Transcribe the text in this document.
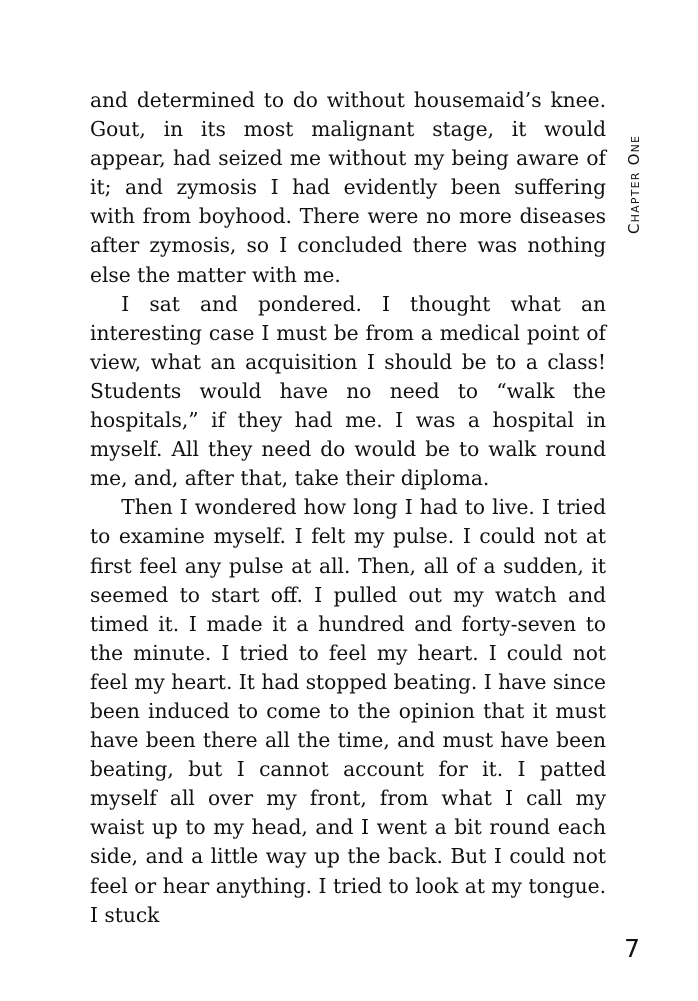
Chapter One

and determined to do without housemaid’s knee. Gout, in its most malignant stage, it would appear, had seized me without my being aware of it; and zymosis I had evidently been suffering with from boyhood. There were no more diseases after zymosis, so I concluded there was nothing else the matter with me.

I sat and pondered. I thought what an interesting case I must be from a medical point of view, what an acquisition I should be to a class! Students would have no need to “walk the hospitals,” if they had me. I was a hospital in myself. All they need do would be to walk round me, and, after that, take their diploma.

Then I wondered how long I had to live. I tried to examine myself. I felt my pulse. I could not at first feel any pulse at all. Then, all of a sudden, it seemed to start off. I pulled out my watch and timed it. I made it a hundred and forty-seven to the minute. I tried to feel my heart. I could not feel my heart. It had stopped beating. I have since been induced to come to the opinion that it must have been there all the time, and must have been beating, but I cannot account for it. I patted myself all over my front, from what I call my waist up to my head, and I went a bit round each side, and a little way up the back. But I could not feel or hear anything. I tried to look at my tongue. I stuck

7
